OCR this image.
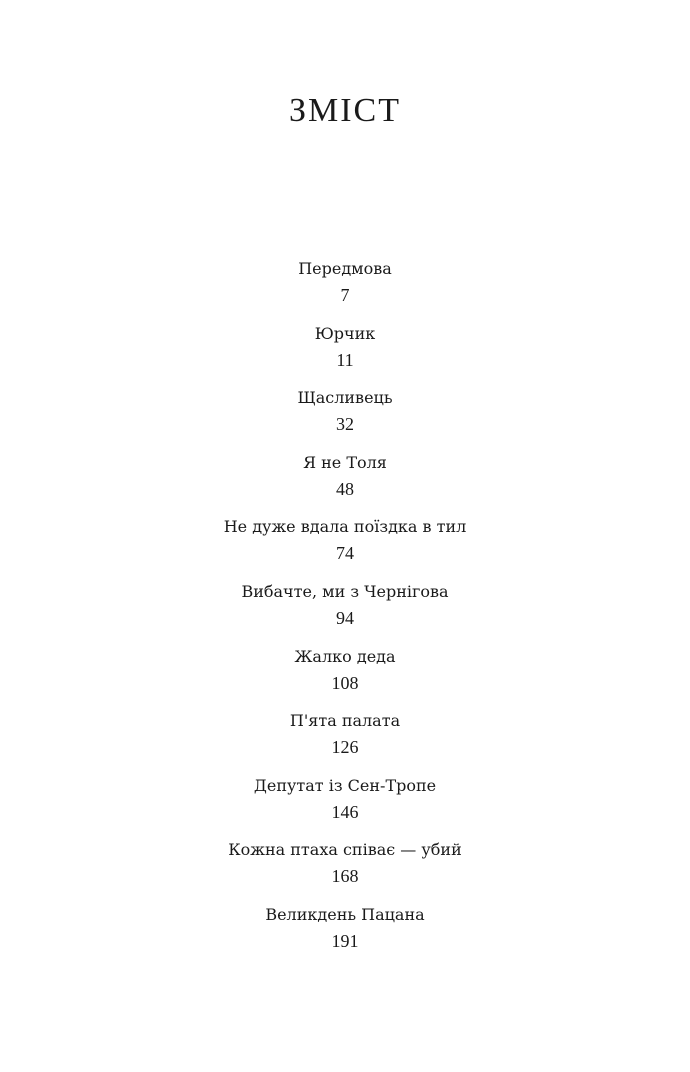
ЗМІСТ
Передмова
7
Юрчик
11
Щасливець
32
Я не Толя
48
Не дуже вдала поїздка в тил
74
Вибачте, ми з Чернігова
94
Жалко деда
108
П'ята палата
126
Депутат із Сен-Тропе
146
Кожна птаха співає — убий
168
Великдень Пацана
191
